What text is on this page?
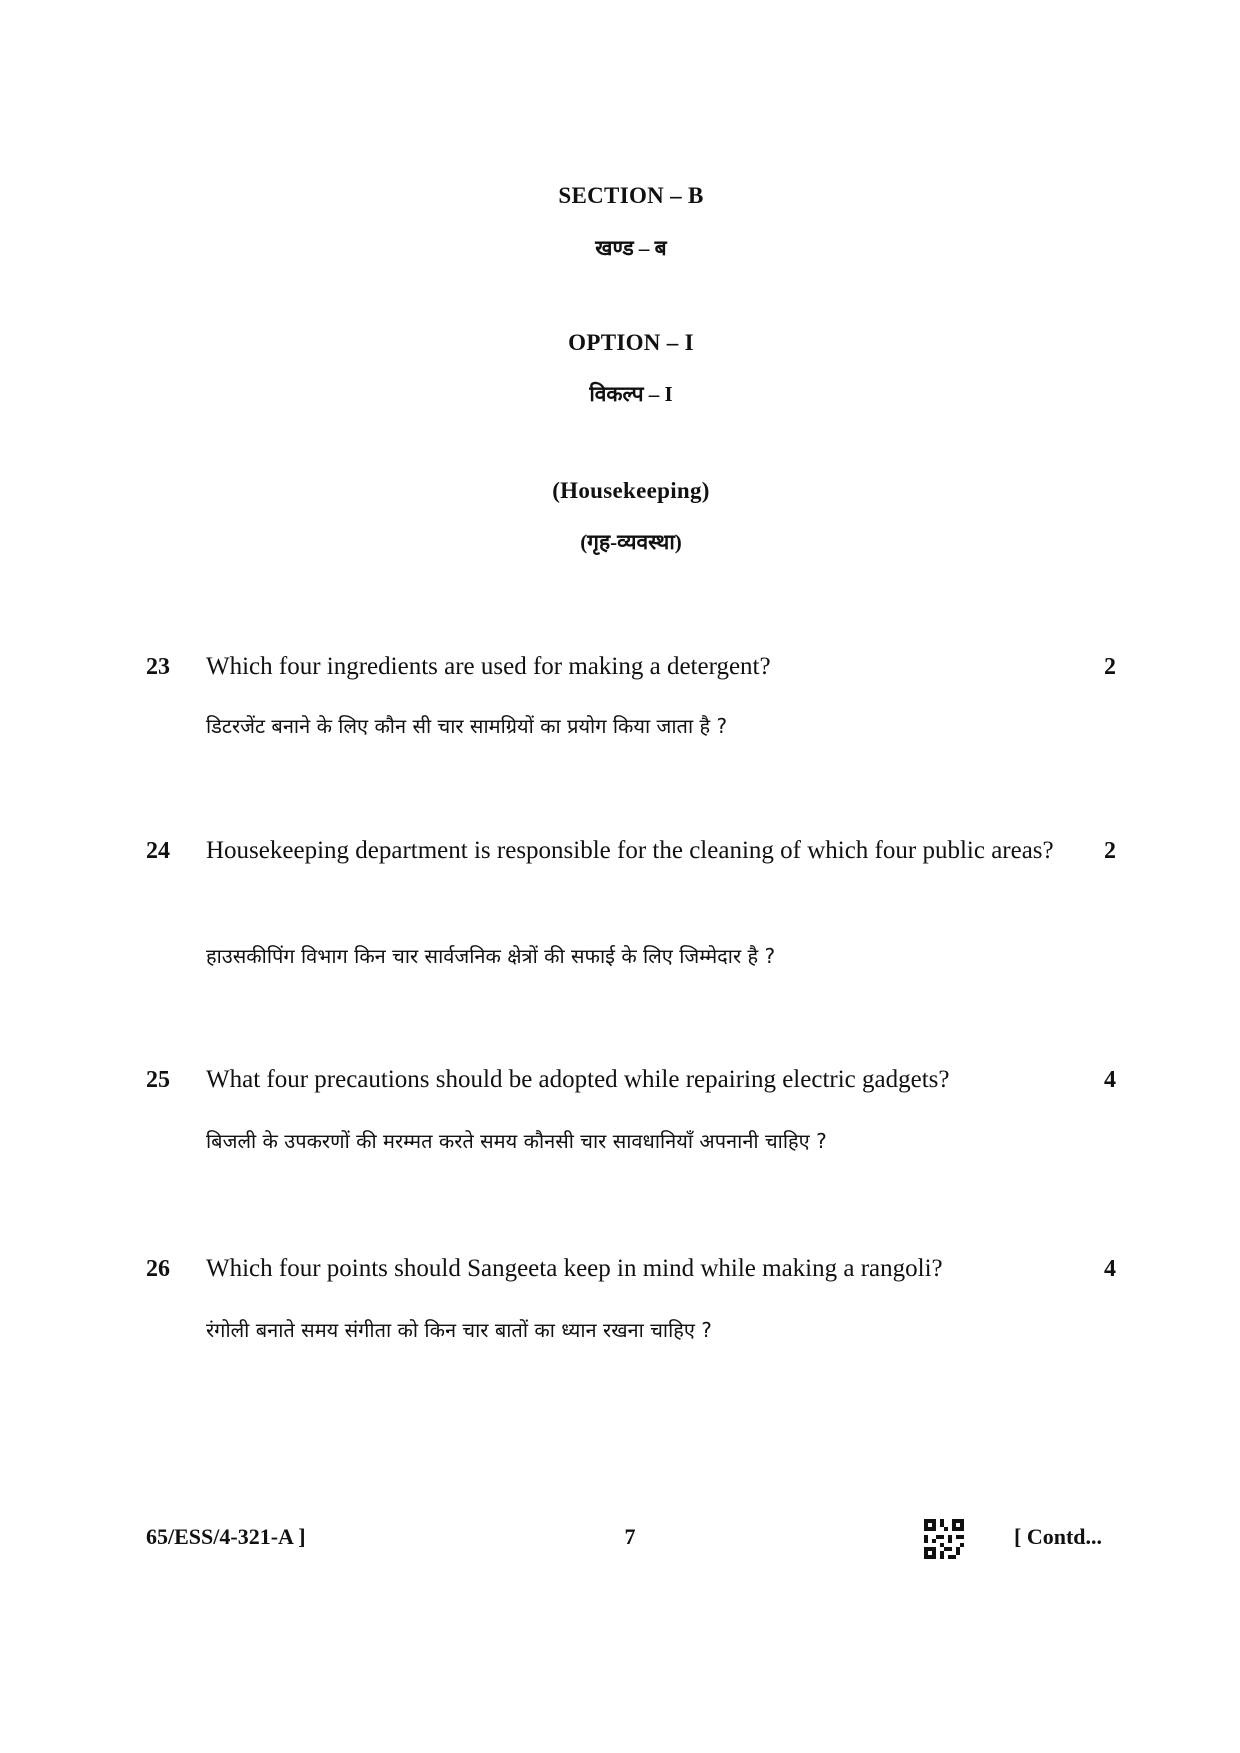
SECTION – B
खण्ड – ब
OPTION – I
विकल्प – I
(Housekeeping)
(गृह-व्यवस्था)
23 Which four ingredients are used for making a detergent?	2
डिटरजेंट बनाने के लिए कौन सी चार सामग्रियों का प्रयोग किया जाता है ?
24 Housekeeping department is responsible for the cleaning of which four public areas? 2
हाउसकीपिंग विभाग किन चार सार्वजनिक क्षेत्रों की सफाई के लिए जिम्मेदार है ?
25 What four precautions should be adopted while repairing electric gadgets?	4
बिजली के उपकरणों की मरम्मत करते समय कौनसी चार सावधानियाँ अपनानी चाहिए ?
26 Which four points should Sangeeta keep in mind while making a rangoli?	4
रंगोली बनाते समय संगीता को किन चार बातों का ध्यान रखना चाहिए ?
65/ESS/4-321-A ]	7	[ Contd...
